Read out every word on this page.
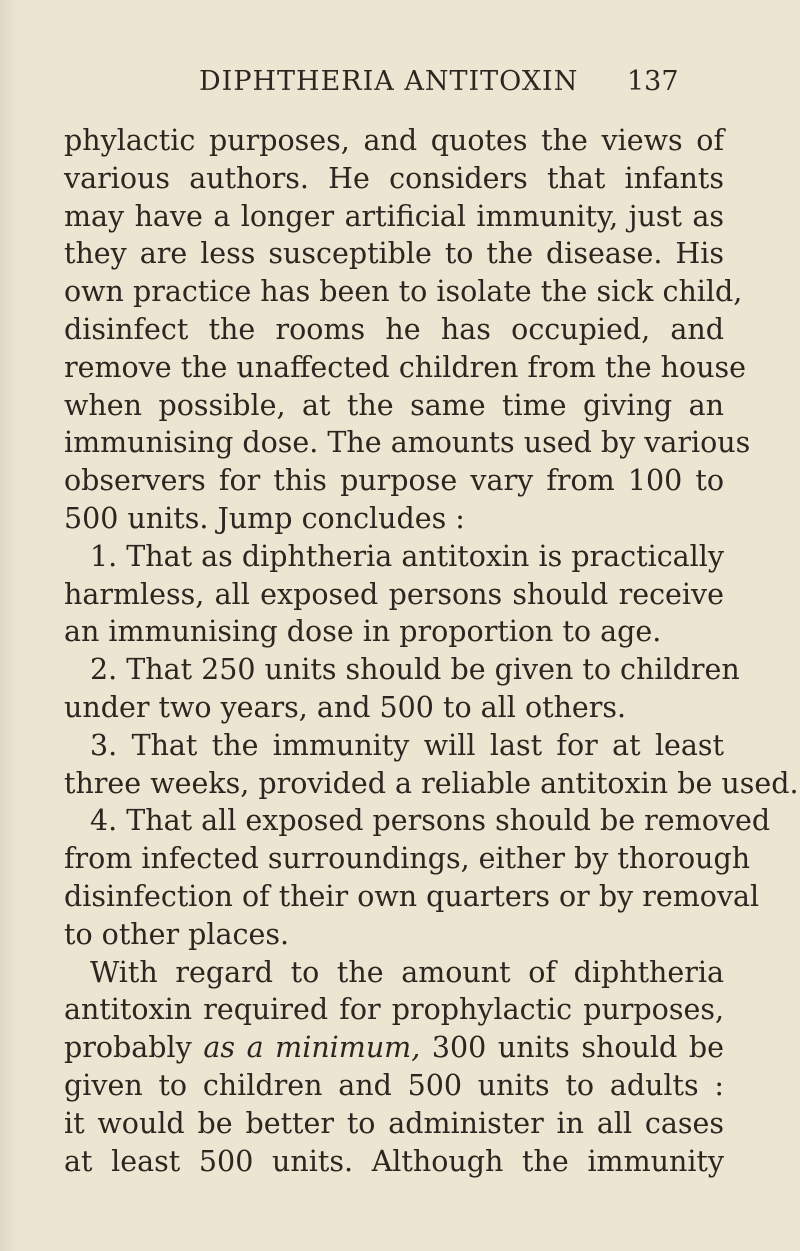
DIPHTHERIA ANTITOXIN 137
phylactic purposes, and quotes the views of
various authors. He considers that infants
may have a longer artificial immunity, just as
they are less susceptible to the disease. His
own practice has been to isolate the sick child,
disinfect the rooms he has occupied, and
remove the unaffected children from the house
when possible, at the same time giving an
immunising dose. The amounts used by various
observers for this purpose vary from 100 to
500 units. Jump concludes :
1. That as diphtheria antitoxin is practically
harmless, all exposed persons should receive
an immunising dose in proportion to age.
2. That 250 units should be given to children
under two years, and 500 to all others.
3. That the immunity will last for at least
three weeks, provided a reliable antitoxin be used.
4. That all exposed persons should be removed
from infected surroundings, either by thorough
disinfection of their own quarters or by removal
to other places.
With regard to the amount of diphtheria
antitoxin required for prophylactic purposes,
probably as a minimum, 300 units should be
given to children and 500 units to adults :
it would be better to administer in all cases
at least 500 units. Although the immunity
